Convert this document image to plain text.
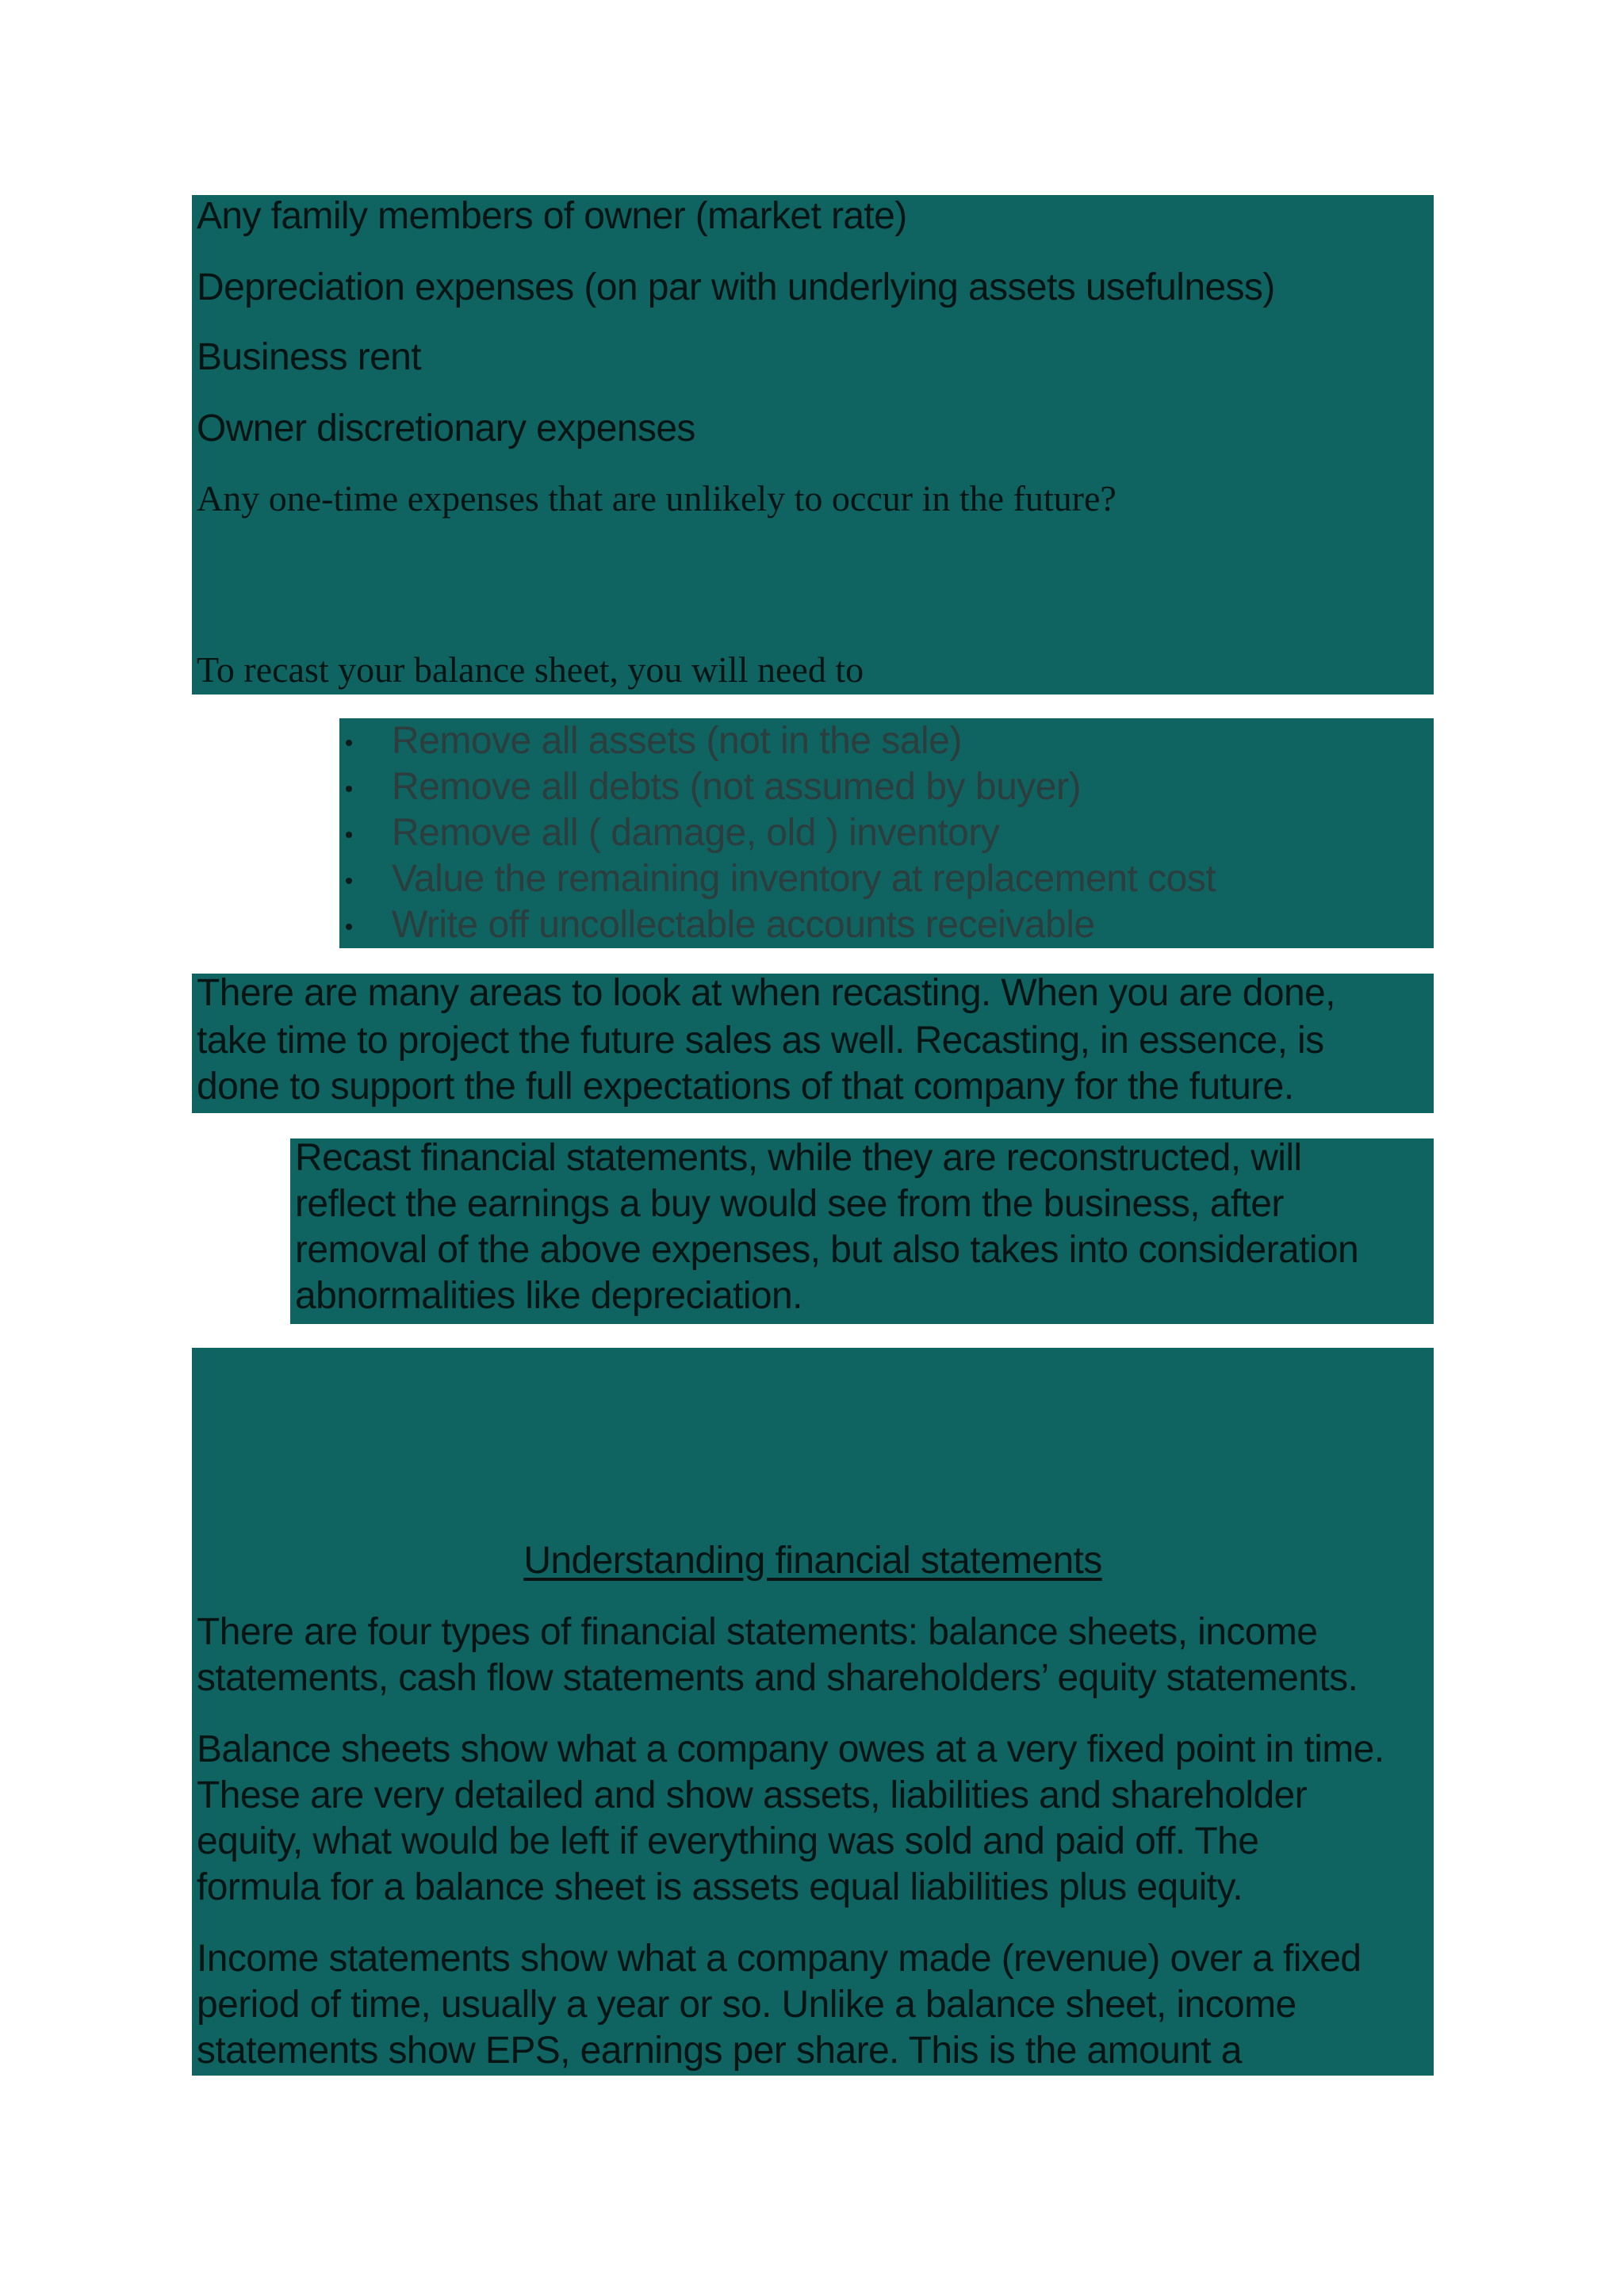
Any family members of owner (market rate)
Depreciation expenses (on par with underlying assets usefulness)
Business rent
Owner discretionary expenses
Any one-time expenses that are unlikely to occur in the future?
To recast your balance sheet, you will need to
Remove all assets (not in the sale)
Remove all debts (not assumed by buyer)
Remove all ( damage, old ) inventory
Value the remaining inventory at replacement cost
Write off uncollectable accounts receivable
There are many areas to look at when recasting. When you are done,
take time to project the future sales as well. Recasting, in essence, is
done to support the full expectations of that company for the future.
Recast financial statements, while they are reconstructed, will
reflect the earnings a buy would see from the business, after
removal of the above expenses, but also takes into consideration
abnormalities like depreciation.
Understanding financial statements
There are four types of financial statements: balance sheets, income
statements, cash flow statements and shareholders’ equity statements.
Balance sheets show what a company owes at a very fixed point in time.
These are very detailed and show assets, liabilities and shareholder
equity, what would be left if everything was sold and paid off. The
formula for a balance sheet is assets equal liabilities plus equity.
Income statements show what a company made (revenue) over a fixed
period of time, usually a year or so. Unlike a balance sheet, income
statements show EPS, earnings per share. This is the amount a
